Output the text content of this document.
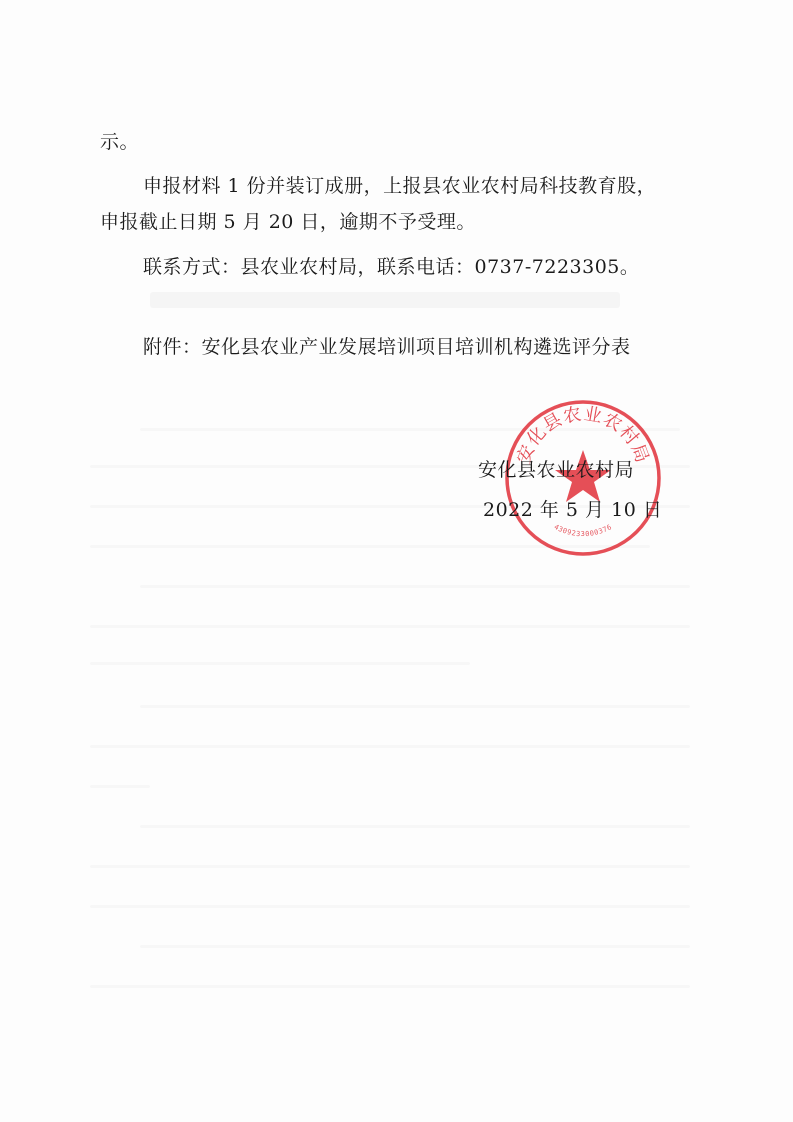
示。
申报材料 1 份并装订成册，上报县农业农村局科技教育股，
申报截止日期 5 月 20 日，逾期不予受理。
联系方式：县农业农村局，联系电话：0737-7223305。
附件：安化县农业产业发展培训项目培训机构遴选评分表
安化县农业农村局
4309233000376
安化县农业农村局
2022 年 5 月 10 日
